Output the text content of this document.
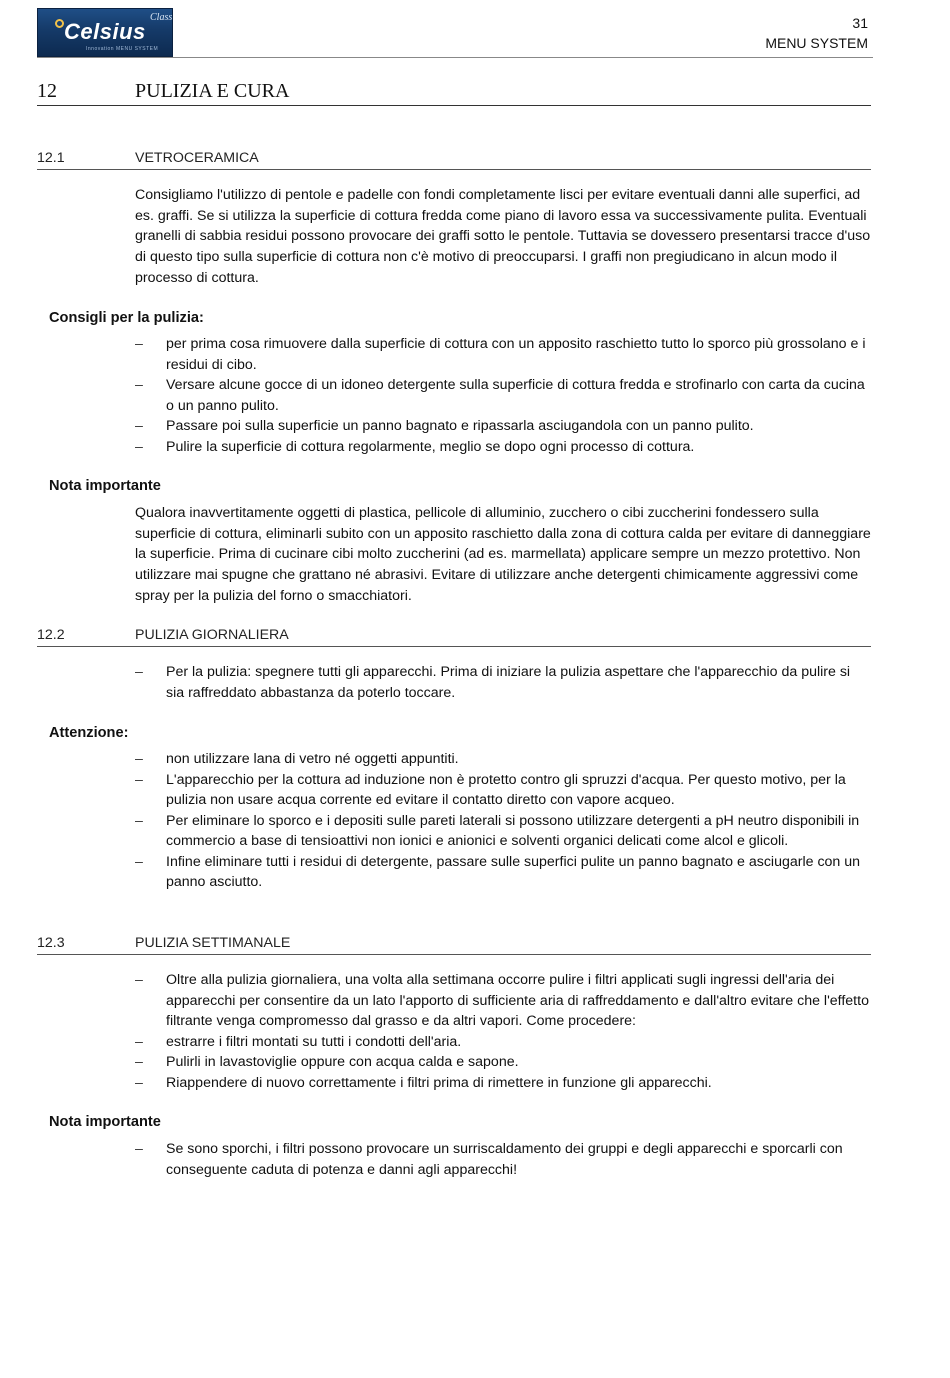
Class
Celsius
Innovation MENU SYSTEM
31
MENU SYSTEM
12	PULIZIA E CURA
12.1	VETROCERAMICA

Consigliamo l'utilizzo di pentole e padelle con fondi completamente lisci per evitare eventuali danni alle superfici, ad es. graffi. Se si utilizza la superficie di cottura fredda come piano di lavoro essa va successivamente pulita. Eventuali granelli di sabbia residui possono provocare dei graffi sotto le pentole. Tuttavia se dovessero presentarsi tracce d'uso di questo tipo sulla superficie di cottura non c'è motivo di preoccuparsi. I graffi non pregiudicano in alcun modo il processo di cottura.

Consigli per la pulizia:
– per prima cosa rimuovere dalla superficie di cottura con un apposito raschietto tutto lo sporco più grossolano e i residui di cibo.
– Versare alcune gocce di un idoneo detergente sulla superficie di cottura fredda e strofinarlo con carta da cucina o un panno pulito.
– Passare poi sulla superficie un panno bagnato e ripassarla asciugandola con un panno pulito.
– Pulire la superficie di cottura regolarmente, meglio se dopo ogni processo di cottura.
Nota importante

Qualora inavvertitamente oggetti di plastica, pellicole di alluminio, zucchero o cibi zuccherini fondessero sulla superficie di cottura, eliminarli subito con un apposito raschietto dalla zona di cottura calda per evitare di danneggiare la superficie. Prima di cucinare cibi molto zuccherini (ad es. marmellata) applicare sempre un mezzo protettivo. Non utilizzare mai spugne che grattano né abrasivi. Evitare di utilizzare anche detergenti chimicamente aggressivi come spray per la pulizia del forno o smacchiatori.

12.2	PULIZIA GIORNALIERA
– Per la pulizia: spegnere tutti gli apparecchi. Prima di iniziare la pulizia aspettare che l'apparecchio da pulire si sia raffreddato abbastanza da poterlo toccare.
Attenzione:
– non utilizzare lana di vetro né oggetti appuntiti.
– L'apparecchio per la cottura ad induzione non è protetto contro gli spruzzi d'acqua. Per questo motivo, per la pulizia non usare acqua corrente ed evitare il contatto diretto con vapore acqueo.
– Per eliminare lo sporco e i depositi sulle pareti laterali si possono utilizzare detergenti a pH neutro disponibili in commercio a base di tensioattivi non ionici e anionici e solventi organici delicati come alcol e glicoli.
– Infine eliminare tutti i residui di detergente, passare sulle superfici pulite un panno bagnato e asciugarle con un panno asciutto.
12.3	PULIZIA SETTIMANALE
– Oltre alla pulizia giornaliera, una volta alla settimana occorre pulire i filtri applicati sugli ingressi dell'aria dei apparecchi per consentire da un lato l'apporto di sufficiente aria di raffreddamento e dall'altro evitare che l'effetto filtrante venga compromesso dal grasso e da altri vapori. Come procedere:
– estrarre i filtri montati su tutti i condotti dell'aria.
– Pulirli in lavastoviglie oppure con acqua calda e sapone.
– Riappendere di nuovo correttamente i filtri prima di rimettere in funzione gli apparecchi.
Nota importante
– Se sono sporchi, i filtri possono provocare un surriscaldamento dei gruppi e degli apparecchi e sporcarli con conseguente caduta di potenza e danni agli apparecchi!
